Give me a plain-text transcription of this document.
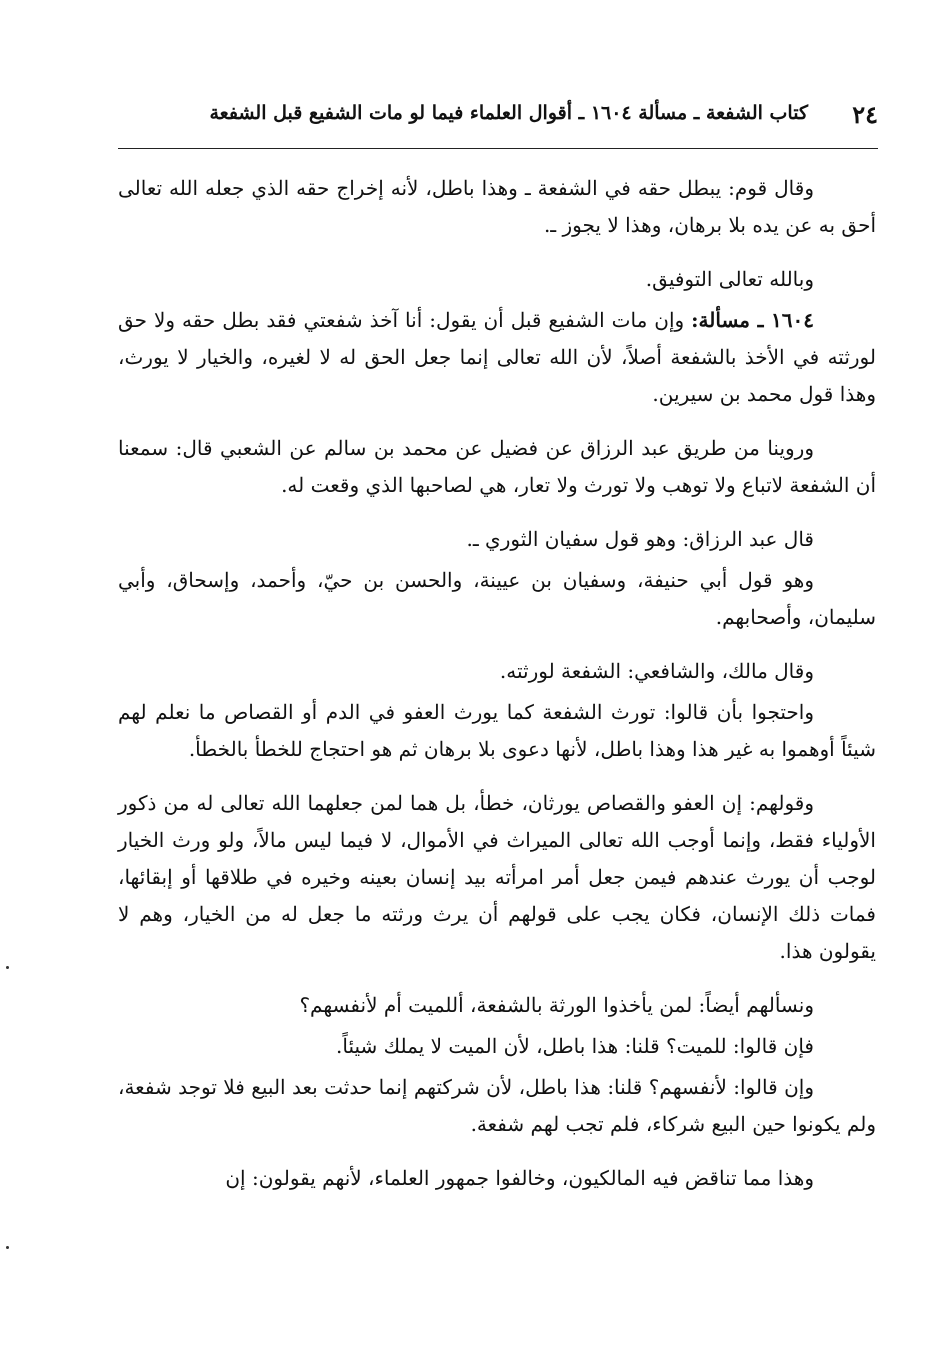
٢٤
كتاب الشفعة ـ مسألة ١٦٠٤ ـ أقوال العلماء فيما لو مات الشفيع قبل الشفعة

وقال قوم: يبطل حقه في الشفعة ـ وهذا باطل، لأنه إخراج حقه الذي جعله الله تعالى أحق به عن يده بلا برهان، وهذا لا يجوز ـ.

وبالله تعالى التوفيق.

١٦٠٤ ـ مسألة: وإن مات الشفيع قبل أن يقول: أنا آخذ شفعتي فقد بطل حقه ولا حق لورثته في الأخذ بالشفعة أصلاً، لأن الله تعالى إنما جعل الحق له لا لغيره، والخيار لا يورث، وهذا قول محمد بن سيرين.

وروينا من طريق عبد الرزاق عن فضيل عن محمد بن سالم عن الشعبي قال: سمعنا أن الشفعة لاتباع ولا توهب ولا تورث ولا تعار، هي لصاحبها الذي وقعت له.

قال عبد الرزاق: وهو قول سفيان الثوري ـ.

وهو قول أبي حنيفة، وسفيان بن عيينة، والحسن بن حيّ، وأحمد، وإسحاق، وأبي سليمان، وأصحابهم.

وقال مالك، والشافعي: الشفعة لورثته.

واحتجوا بأن قالوا: تورث الشفعة كما يورث العفو في الدم أو القصاص ما نعلم لهم شيئاً أوهموا به غير هذا وهذا باطل، لأنها دعوى بلا برهان ثم هو احتجاج للخطأ بالخطأ.

وقولهم: إن العفو والقصاص يورثان، خطأ، بل هما لمن جعلهما الله تعالى له من ذكور الأولياء فقط، وإنما أوجب الله تعالى الميراث في الأموال، لا فيما ليس مالاً، ولو ورث الخيار لوجب أن يورث عندهم فيمن جعل أمر امرأته بيد إنسان بعينه وخيره في طلاقها أو إبقائها، فمات ذلك الإنسان، فكان يجب على قولهم أن يرث ورثته ما جعل له من الخيار، وهم لا يقولون هذا.

ونسألهم أيضاً: لمن يأخذوا الورثة بالشفعة، أللميت أم لأنفسهم؟

فإن قالوا: للميت؟ قلنا: هذا باطل، لأن الميت لا يملك شيئاً.

وإن قالوا: لأنفسهم؟ قلنا: هذا باطل، لأن شركتهم إنما حدثت بعد البيع فلا توجد شفعة، ولم يكونوا حين البيع شركاء، فلم تجب لهم شفعة.

وهذا مما تناقض فيه المالكيون، وخالفوا جمهور العلماء، لأنهم يقولون: إن
